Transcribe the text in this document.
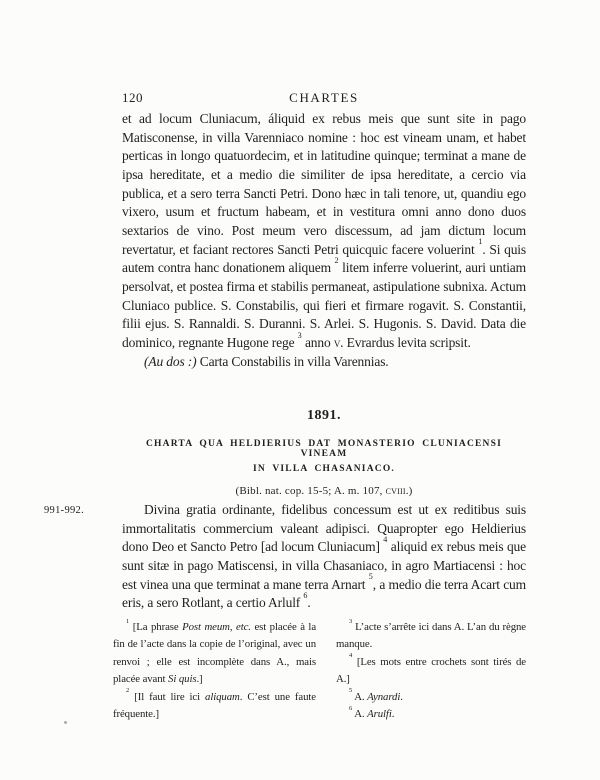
120	CHARTES

et ad locum Cluniacum, áliquid ex rebus meis que sunt site in pago Matisconense, in villa Varenniaco nomine : hoc est vineam unam, et habet perticas in longo quatuordecim, et in latitudine quinque; terminat a mane de ipsa hereditate, et a medio die similiter de ipsa hereditate, a cercio via publica, et a sero terra Sancti Petri. Dono hæc in tali tenore, ut, quandiu ego vixero, usum et fructum habeam, et in vestitura omni anno dono duos sextarios de vino. Post meum vero discessum, ad jam dictum locum revertatur, et faciant rectores Sancti Petri quicquic facere voluerint $^1$. Si quis autem contra hanc donationem aliquem $^2$ litem inferre voluerint, auri untiam persolvat, et postea firma et stabilis permaneat, astipulatione subnixa. Actum Cluniaco publice. S. Constabilis, qui fieri et firmare rogavit. S. Constantii, filii ejus. S. Rannaldi. S. Duranni. S. Arlei. S. Hugonis. S. David. Data die dominico, regnante Hugone rege $^3$ anno v. Evrardus levita scripsit.

(Au dos :) Carta Constabilis in villa Varennias.

1891.
CHARTA QUA HELDIERIUS DAT MONASTERIO CLUNIACENSI VINEAM
IN VILLA CHASANIACO.
(Bibl. nat. cop. 15-5; A. m. 107, cviii.)
991-992.	Divina gratia ordinante, fidelibus concessum est ut ex reditibus suis immortalitatis commercium valeant adipisci. Quapropter ego Heldierius dono Deo et Sancto Petro [ad locum Cluniacum] $^4$ aliquid ex rebus meis que sunt sitæ in pago Matiscensi, in villa Chasaniaco, in agro Martiacensi : hoc est vinea una que terminat a mane terra Arnart $^5$, a medio die terra Acart cum eris, a sero Rotlant, a certio Arlulf $^6$.

$^1$ [La phrase Post meum, etc. est placée à la fin de l’acte dans la copie de l’original, avec un renvoi ; elle est incomplète dans A., mais placée avant Si quis.]

$^2$ [Il faut lire ici aliquam. C’est une faute fréquente.]

$^3$ L’acte s’arrête ici dans A. L’an du règne manque.

$^4$ [Les mots entre crochets sont tirés de A.]

$^5$ A. Aynardi.

$^6$ A. Arulfi.
